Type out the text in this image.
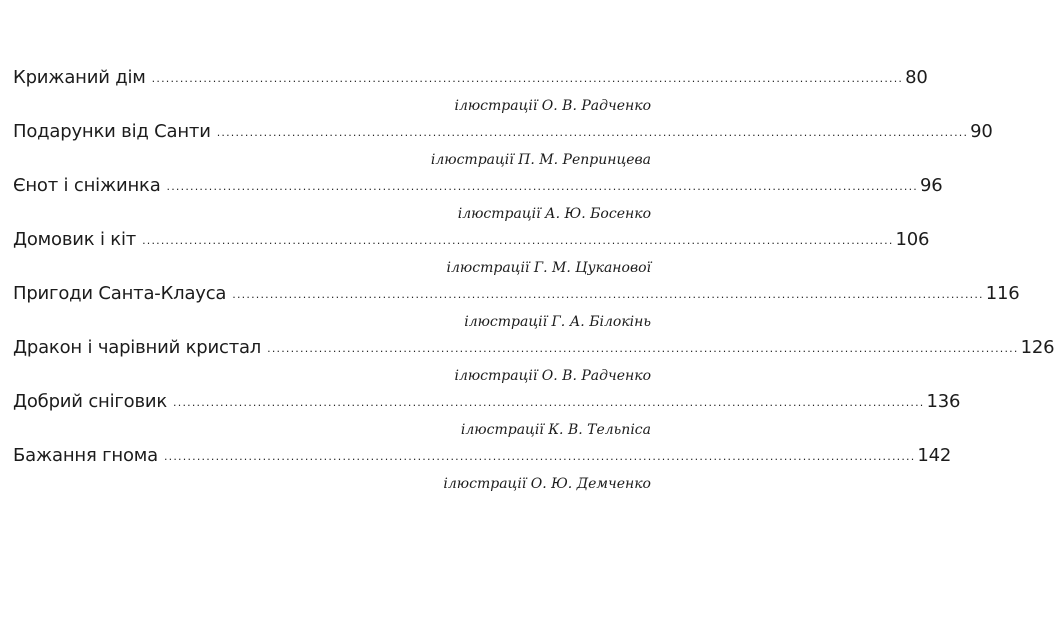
Крижаний дім ................................................................................................................................................................ 80
ілюстрації О. В. Радченко
Подарунки від Санти ................................................................................................................................................................ 90
ілюстрації П. М. Репринцева
Єнот і сніжинка ................................................................................................................................................................ 96
ілюстрації А. Ю. Босенко
Домовик і кіт ................................................................................................................................................................ 106
ілюстрації Г. М. Цуканової
Пригоди Санта-Клауса ................................................................................................................................................................ 116
ілюстрації Г. А. Білокінь
Дракон і чарівний кристал ................................................................................................................................................................ 126
ілюстрації О. В. Радченко
Добрий сніговик ................................................................................................................................................................ 136
ілюстрації К. В. Тельпіса
Бажання гнома ................................................................................................................................................................ 142
ілюстрації О. Ю. Демченко
